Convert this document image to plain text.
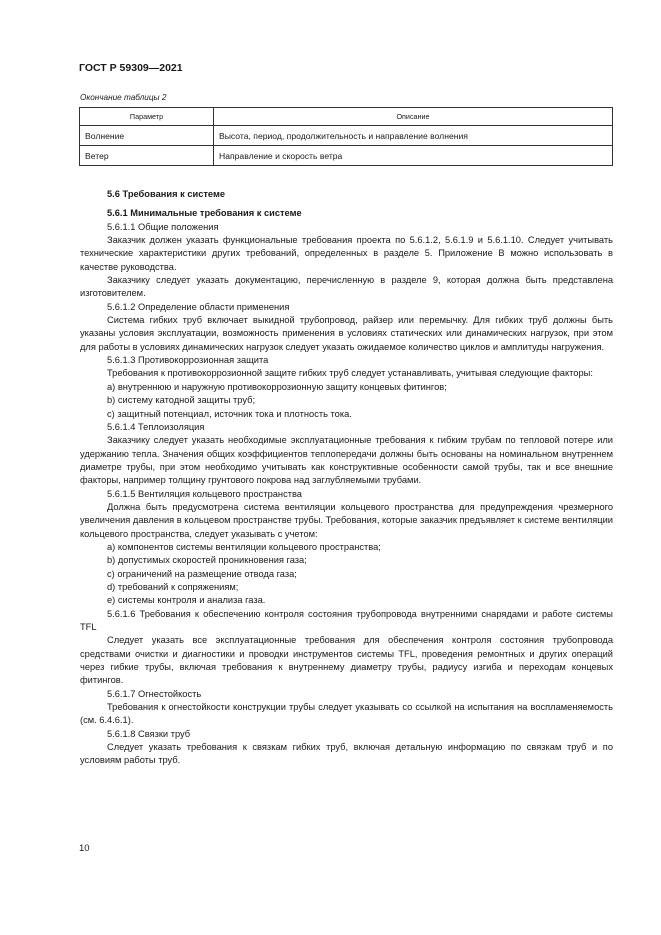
ГОСТ Р 59309—2021
Окончание таблицы 2
Параметр	Описание
Волнение	Высота, период, продолжительность и направление волнения
Ветер	Направление и скорость ветра

5.6 Требования к системе

5.6.1 Минимальные требования к системе

5.6.1.1 Общие положения

Заказчик должен указать функциональные требования проекта по 5.6.1.2, 5.6.1.9 и 5.6.1.10. Следует учитывать технические характеристики других требований, определенных в разделе 5. Приложение В можно использовать в качестве руководства.

Заказчику следует указать документацию, перечисленную в разделе 9, которая должна быть представлена изготовителем.

5.6.1.2 Определение области применения

Система гибких труб включает выкидной трубопровод, райзер или перемычку. Для гибких труб должны быть указаны условия эксплуатации, возможность применения в условиях статических или динамических нагрузок, при этом для работы в условиях динамических нагрузок следует указать ожидаемое количество циклов и амплитуды нагружения.

5.6.1.3 Противокоррозионная защита

Требования к противокоррозионной защите гибких труб следует устанавливать, учитывая следующие факторы:

a) внутреннюю и наружную противокоррозионную защиту концевых фитингов;

b) систему катодной защиты труб;

c) защитный потенциал, источник тока и плотность тока.

5.6.1.4 Теплоизоляция

Заказчику следует указать необходимые эксплуатационные требования к гибким трубам по тепловой потере или удержанию тепла. Значения общих коэффициентов теплопередачи должны быть основаны на номинальном внутреннем диаметре трубы, при этом необходимо учитывать как конструктивные особенности самой трубы, так и все внешние факторы, например толщину грунтового покрова над заглубляемыми трубами.

5.6.1.5 Вентиляция кольцевого пространства

Должна быть предусмотрена система вентиляции кольцевого пространства для предупреждения чрезмерного увеличения давления в кольцевом пространстве трубы. Требования, которые заказчик предъявляет к системе вентиляции кольцевого пространства, следует указывать с учетом:

a) компонентов системы вентиляции кольцевого пространства;

b) допустимых скоростей проникновения газа;

c) ограничений на размещение отвода газа;

d) требований к сопряжениям;

e) системы контроля и анализа газа.

5.6.1.6 Требования к обеспечению контроля состояния трубопровода внутренними снарядами и работе системы TFL

Следует указать все эксплуатационные требования для обеспечения контроля состояния трубопровода средствами очистки и диагностики и проводки инструментов системы TFL, проведения ремонтных и других операций через гибкие трубы, включая требования к внутреннему диаметру трубы, радиусу изгиба и переходам концевых фитингов.

5.6.1.7 Огнестойкость

Требования к огнестойкости конструкции трубы следует указывать со ссылкой на испытания на воспламеняемость (см. 6.4.6.1).

5.6.1.8 Связки труб

Следует указать требования к связкам гибких труб, включая детальную информацию по связкам труб и по условиям работы труб.

10
